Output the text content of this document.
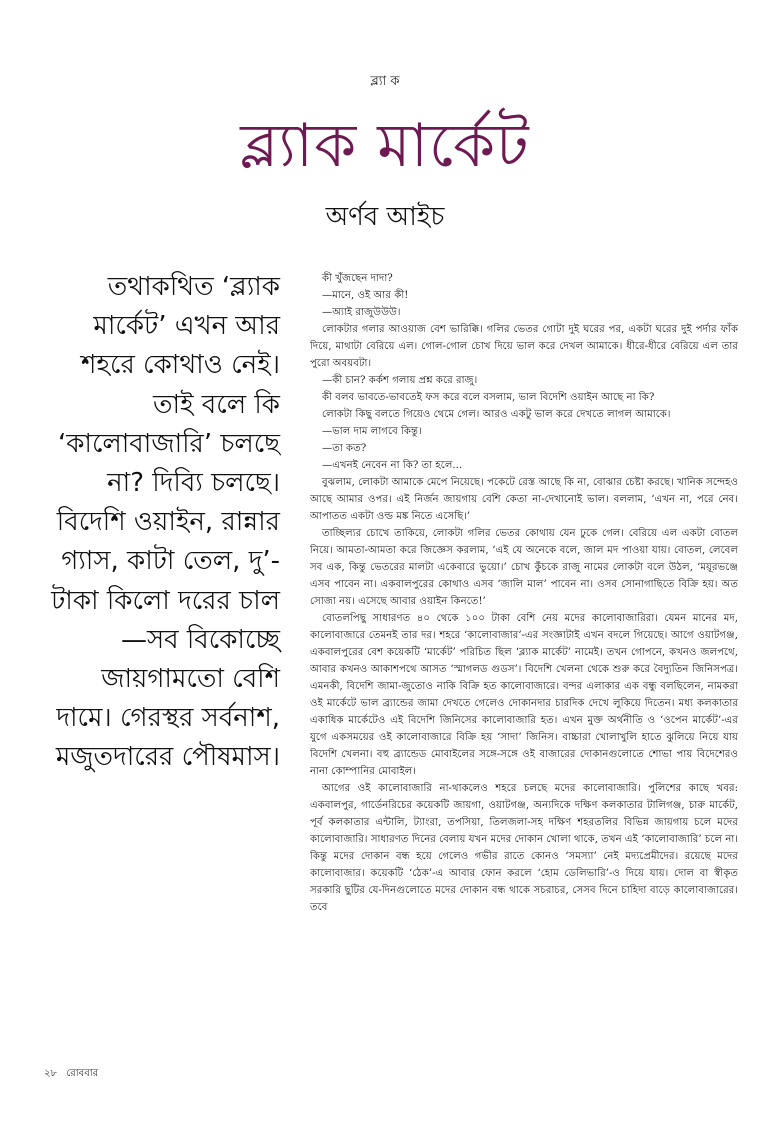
ব্ল্যা ক
ব্ল্যাক মার্কেট
অর্ণব আইচ

তথাকথিত ‘ব্ল্যাক মার্কেট’ এখন আর শহরে কোথাও নেই। তাই বলে কি ‘কালোবাজারি’ চলছে না? দিব্যি চলছে। বিদেশি ওয়াইন, রান্নার গ্যাস, কাটা তেল, দু’-টাকা কিলো দরের চাল—সব বিকোচ্ছে জায়গামতো বেশি দামে। গেরস্থর সর্বনাশ, মজুতদারের পৌষমাস।

কী খুঁজছেন দাদা?

—মানে, ওই আর কী!

—অ্যাই রাজুউউউ।

লোকটার গলার আওয়াজ বেশ ভারিক্কি। গলির ভেতর গোটা দুই ঘরের পর, একটা ঘরের দুই পর্দার ফাঁক দিয়ে, মাথাটা বেরিয়ে এল। গোল-গোল চোখ দিয়ে ভাল করে দেখল আমাকে। ধীরে-ধীরে বেরিয়ে এল তার পুরো অবয়বটা।

—কী চান? কর্কশ গলায় প্রশ্ন করে রাজু।

কী বলব ভাবতে-ভাবতেই ফস করে বলে বসলাম, ভাল বিদেশি ওয়াইন আছে না কি?

লোকটা কিছু বলতে গিয়েও থেমে গেল। আরও একটু ভাল করে দেখতে লাগল আমাকে।

—ভাল দাম লাগবে কিন্তু।

—তা কত?

—এখনই নেবেন না কি? তা হলে...

বুঝলাম, লোকটা আমাকে মেপে নিয়েছে। পকেটে রেস্ত আছে কি না, বোঝার চেষ্টা করছে। খানিক সন্দেহও আছে আমার ওপর। এই নির্জন জায়গায় বেশি কেতা না-দেখানোই ভাল। বললাম, ‘এখন না, পরে নেব। আপাতত একটা ওল্ড মঙ্ক নিতে এসেছি।’

তাচ্ছিল্যর চোখে তাকিয়ে, লোকটা গলির ভেতর কোথায় যেন ঢুকে গেল। বেরিয়ে এল একটা বোতল নিয়ে। আমতা-আমতা করে জিজ্ঞেস করলাম, ‘এই যে অনেকে বলে, জাল মদ পাওয়া যায়। বোতল, লেবেল সব এক, কিন্তু ভেতরের মালটা একেবারে ভুয়ো।’ চোখ কুঁচকে রাজু নামের লোকটা বলে উঠল, ‘ময়ূরভঞ্জে এসব পাবেন না। একবালপুরের কোথাও এসব ‘জালি মাল’ পাবেন না। ওসব সোনাগাছিতে বিক্রি হয়। অত সোজা নয়। এসেছে আবার ওয়াইন কিনতে!’

বোতলপিছু সাধারণত ৪০ থেকে ১০০ টাকা বেশি নেয় মদের কালোবাজারিরা। যেমন মানের মদ, কালোবাজারে তেমনই তার দর। শহরে ‘কালোবাজার’-এর সংজ্ঞাটাই এখন বদলে গিয়েছে। আগে ওয়াটগঞ্জ, একবালপুরের বেশ কয়েকটি ‘মার্কেট’ পরিচিত ছিল ‘ব্ল্যাক মার্কেট’ নামেই। তখন গোপনে, কখনও জলপথে, আবার কখনও আকাশপথে আসত ‘স্মাগলড গুডস’। বিদেশি খেলনা থেকে শুরু করে বৈদ্যুতিন জিনিসপত্র। এমনকী, বিদেশি জামা-জুতোও নাকি বিক্রি হত কালোবাজারে। বন্দর এলাকার এক বন্ধু বলছিলেন, নামকরা ওই মার্কেটে ভাল ব্র্যান্ডের জামা দেখতে গেলেও দোকানদার চারদিক দেখে লুকিয়ে দিতেন। মধ্য কলকাতার একাধিক মার্কেটেও এই বিদেশি জিনিসের কালোবাজারি হত। এখন মুক্ত অর্থনীতি ও ‘ওপেন মার্কেট’-এর যুগে একসময়ের ওই কালোবাজারে বিক্রি হয় ‘সাদা’ জিনিস। বাচ্চারা খোলাখুলি হাতে ঝুলিয়ে নিয়ে যায় বিদেশি খেলনা। বহু ব্র্যান্ডেড মোবাইলের সঙ্গে-সঙ্গে ওই বাজারের দোকানগুলোতে শোভা পায় বিদেশেরও নানা কোম্পানির মোবাইল।

আগের ওই কালোবাজারি না-থাকলেও শহরে চলছে মদের কালোবাজারি। পুলিশের কাছে খবর: একবালপুর, গার্ডেনরিচের কয়েকটি জায়গা, ওয়াটগঞ্জ, অন্যদিকে দক্ষিণ কলকাতার টালিগঞ্জ, চারু মার্কেট, পূর্ব কলকাতার এন্টালি, ট্যাংরা, তপসিয়া, তিলজলা-সহ দক্ষিণ শহরতলির বিভিন্ন জায়গায় চলে মদের কালোবাজারি। সাধারণত দিনের বেলায় যখন মদের দোকান খোলা থাকে, তখন এই ‘কালোবাজারি’ চলে না। কিন্তু মদের দোকান বন্ধ হয়ে গেলেও গভীর রাতে কোনও ‘সমস্যা’ নেই মদ্যপ্রেমীদের। রয়েছে মদের কালোবাজার। কয়েকটি ‘ঠেক’-এ আবার ফোন করলে ‘হোম ডেলিভারি’-ও দিয়ে যায়। দোল বা স্বীকৃত সরকারি ছুটির যে-দিনগুলোতে মদের দোকান বন্ধ থাকে সচরাচর, সেসব দিনে চাহিদা বাড়ে কালোবাজারের। তবে

২৮ রোববার
